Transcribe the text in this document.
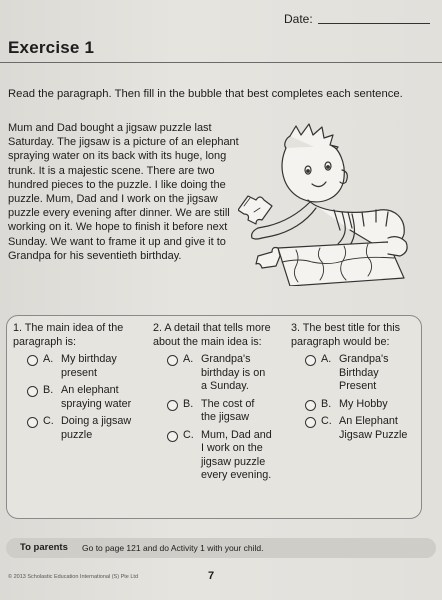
Date:

Exercise 1
Read the paragraph. Then fill in the bubble that best completes each sentence.
Mum and Dad bought a jigsaw puzzle last Saturday. The jigsaw is a picture of an elephant spraying water on its back with its huge, long trunk. It is a majestic scene. There are two hundred pieces to the puzzle. I like doing the puzzle. Mum, Dad and I work on the jigsaw puzzle every evening after dinner. We are still working on it. We hope to finish it before next Sunday. We want to frame it up and give it to Grandpa for his seventieth birthday.
1. The main idea of the paragraph is:
A. My birthday present
B. An elephant spraying water
C. Doing a jigsaw puzzle
2. A detail that tells more about the main idea is:
A. Grandpa's birthday is on a Sunday.
B. The cost of the jigsaw
C. Mum, Dad and I work on the jigsaw puzzle every evening.
3. The best title for this paragraph would be:
A. Grandpa's Birthday Present
B. My Hobby
C. An Elephant Jigsaw Puzzle
To parents Go to page 121 and do Activity 1 with your child.
© 2013 Scholastic Education International (S) Pte Ltd	7
